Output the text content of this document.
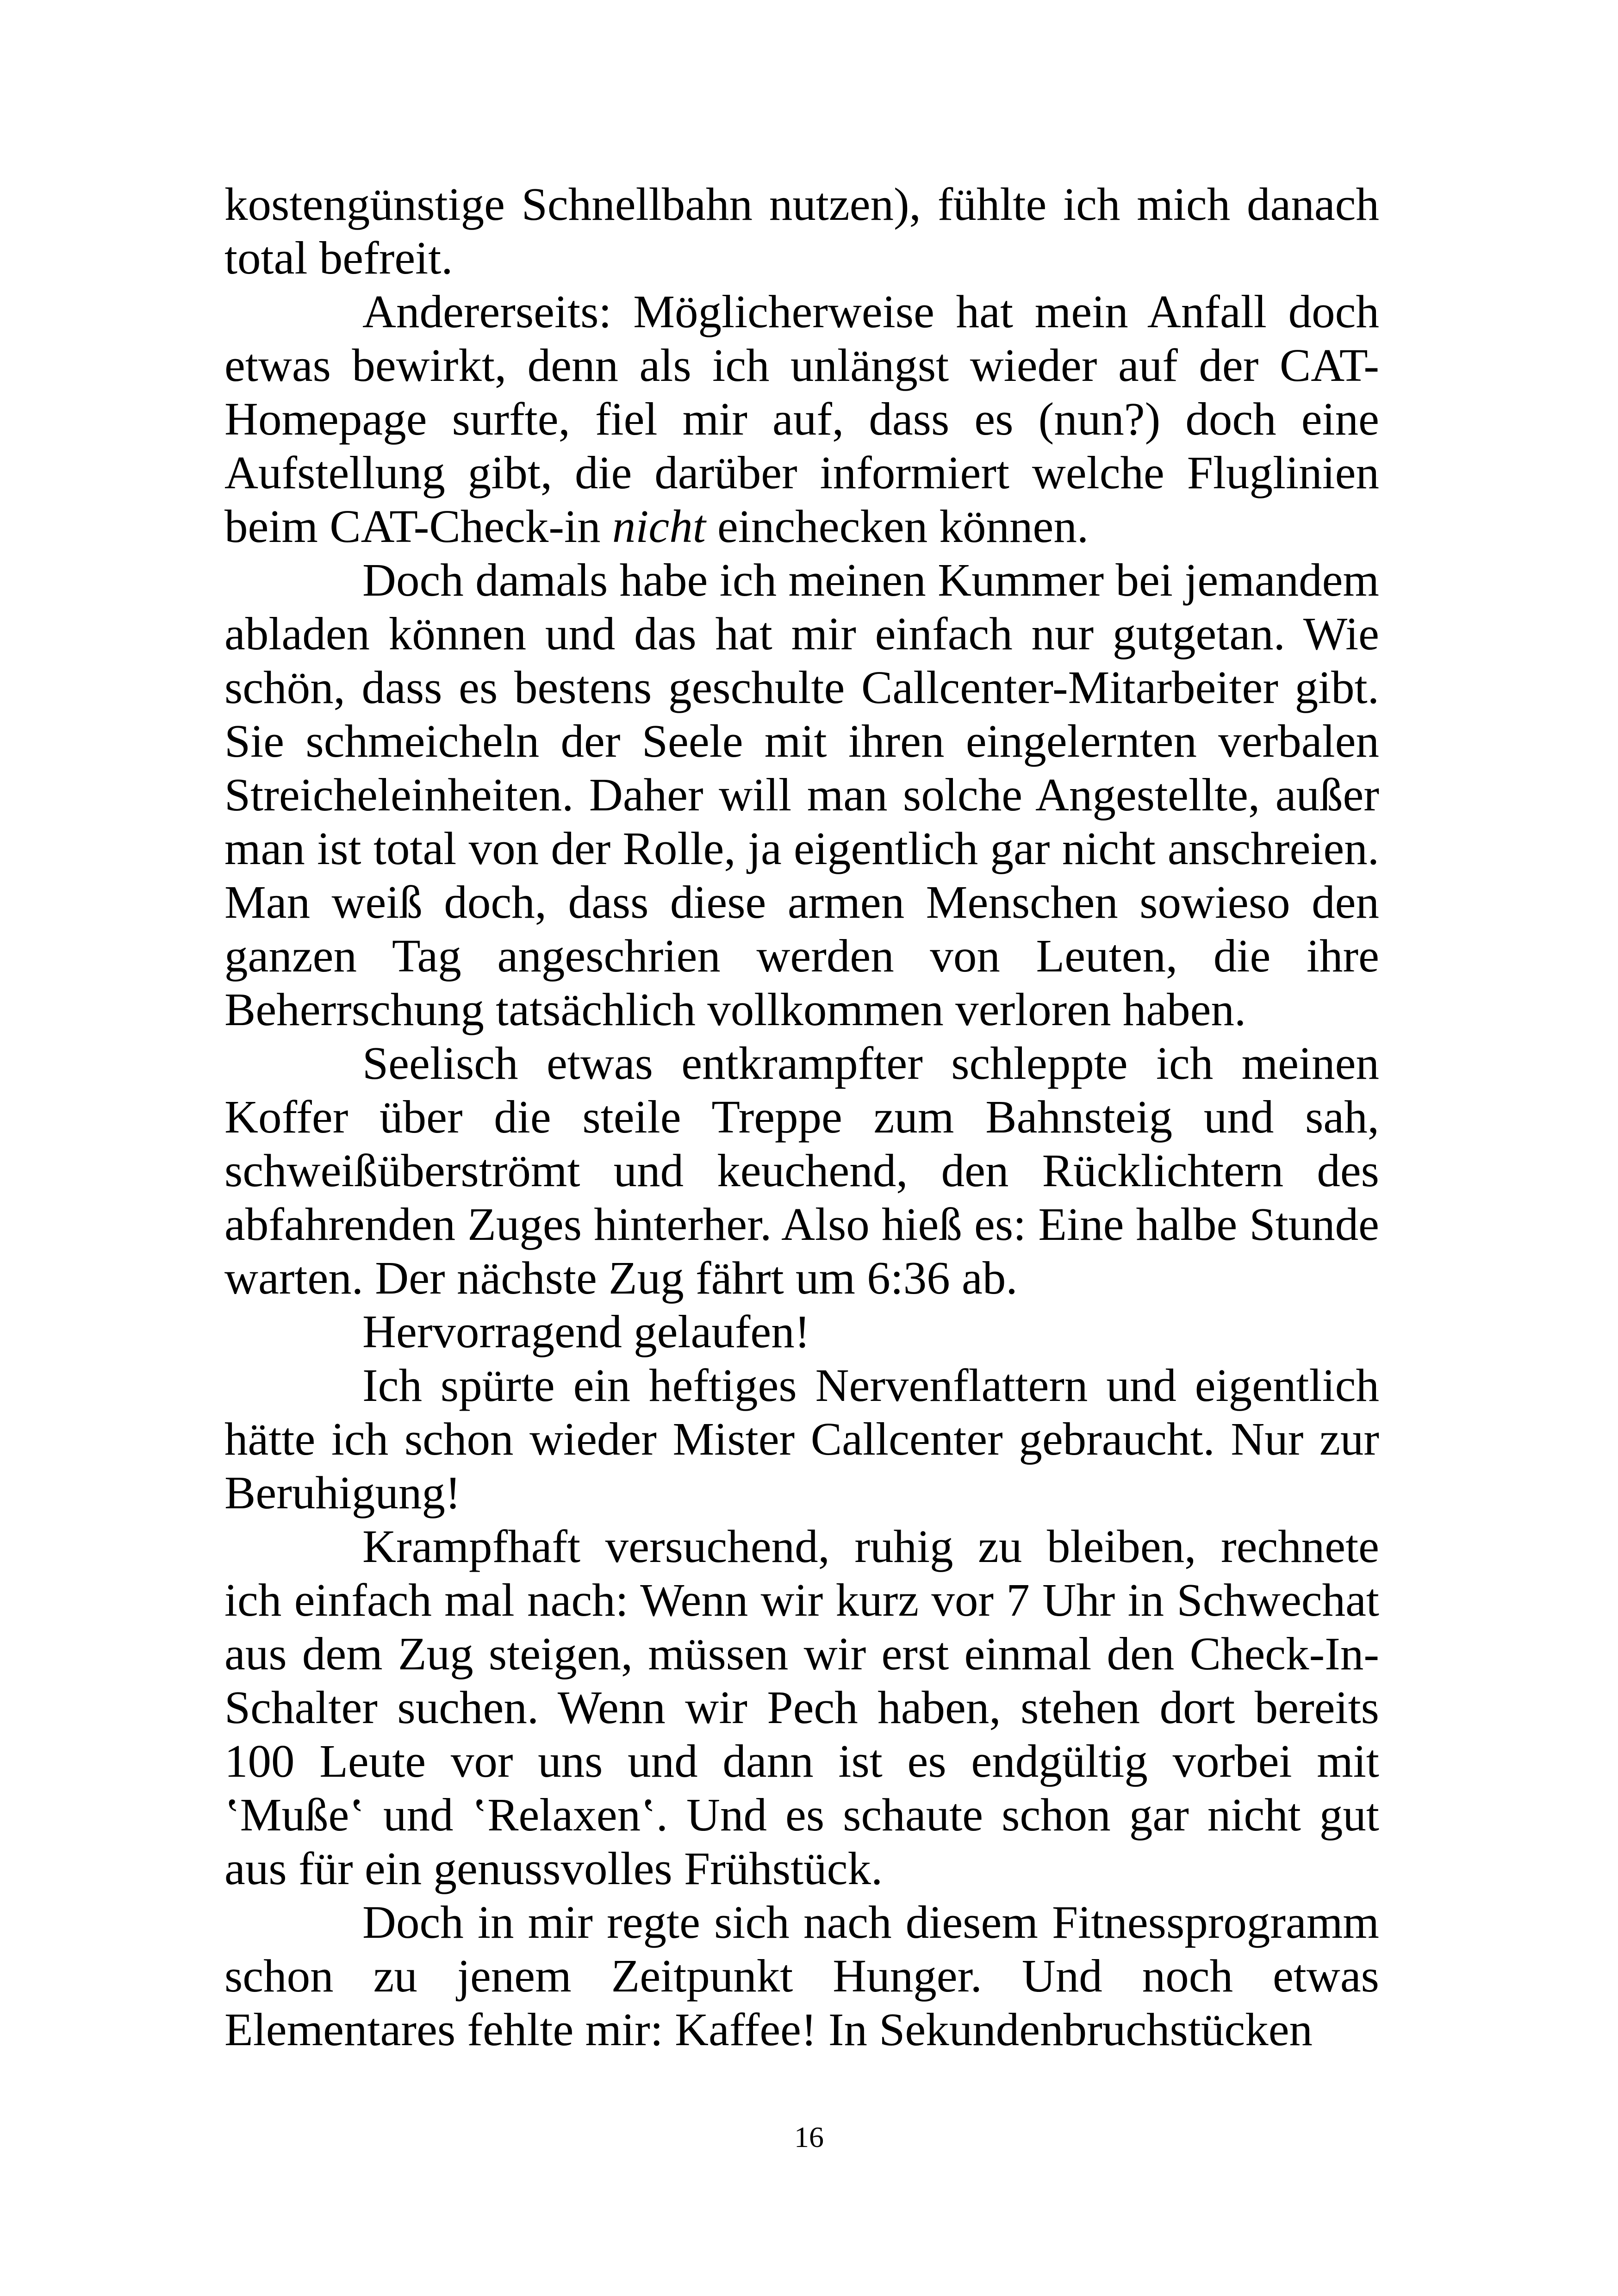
kostengünstige Schnellbahn nutzen), fühlte ich mich danach total befreit.

Andererseits: Möglicherweise hat mein Anfall doch etwas bewirkt, denn als ich unlängst wieder auf der CAT-Homepage surfte, fiel mir auf, dass es (nun?) doch eine Aufstellung gibt, die darüber informiert welche Fluglinien beim CAT-Check-in nicht einchecken können.

Doch damals habe ich meinen Kummer bei jemandem abladen können und das hat mir einfach nur gutgetan. Wie schön, dass es bestens geschulte Callcenter-Mitarbeiter gibt. Sie schmeicheln der Seele mit ihren eingelernten verbalen Streicheleinheiten. Daher will man solche Angestellte, außer man ist total von der Rolle, ja eigentlich gar nicht anschreien. Man weiß doch, dass diese armen Menschen sowieso den ganzen Tag angeschrien werden von Leuten, die ihre Beherrschung tatsächlich vollkommen verloren haben.

Seelisch etwas entkrampfter schleppte ich meinen Koffer über die steile Treppe zum Bahnsteig und sah, schweißüberströmt und keuchend, den Rücklichtern des abfahrenden Zuges hinterher. Also hieß es: Eine halbe Stunde warten. Der nächste Zug fährt um 6:36 ab.

Hervorragend gelaufen!

Ich spürte ein heftiges Nervenflattern und eigentlich hätte ich schon wieder Mister Callcenter gebraucht. Nur zur Beruhigung!

Krampfhaft versuchend, ruhig zu bleiben, rechnete ich einfach mal nach: Wenn wir kurz vor 7 Uhr in Schwechat aus dem Zug steigen, müssen wir erst einmal den Check-In-Schalter suchen. Wenn wir Pech haben, stehen dort bereits 100 Leute vor uns und dann ist es endgültig vorbei mit ‛Muße‛ und ‛Relaxen‛. Und es schaute schon gar nicht gut aus für ein genussvolles Frühstück.

Doch in mir regte sich nach diesem Fitnessprogramm schon zu jenem Zeitpunkt Hunger. Und noch etwas Elementares fehlte mir: Kaffee! In Sekundenbruchstücken

16
